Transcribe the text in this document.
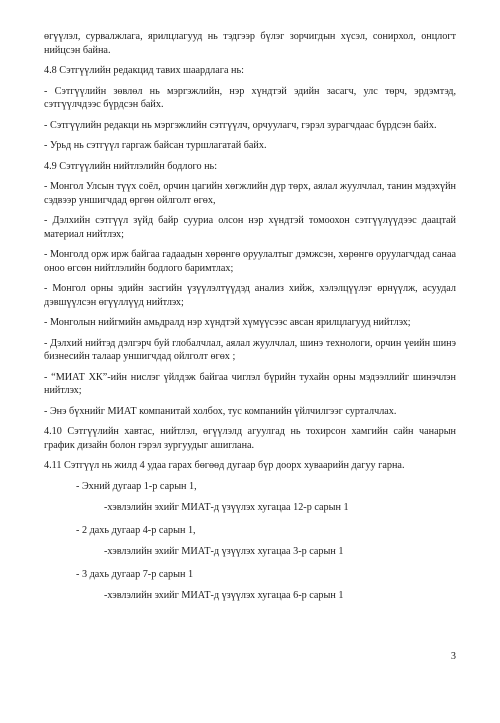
өгүүлэл, сурвалжлага, ярилцлагууд нь тэдгээр бүлэг зорчигдын хүсэл, сонирхол, онцлогт нийцсэн байна.

4.8 Сэтгүүлийн редакцид тавих шаардлага нь:

- Сэтгүүлийн зөвлөл нь мэргэжлийн, нэр хүндтэй эдийн засагч, улс төрч, эрдэмтэд, сэтгүүлчдээс бүрдсэн байх.

- Сэтгүүлийн редакци нь мэргэжлийн сэтгүүлч, орчуулагч, гэрэл зурагчдаас бүрдсэн байх.

- Урьд нь сэтгүүл гаргаж байсан туршлагатай байх.

4.9 Сэтгүүлийн нийтлэлийн бодлого нь:

- Монгол Улсын түүх соёл, орчин цагийн хөгжлийн дүр төрх, аялал жуулчлал, танин мэдэхүйн сэдвээр уншигчдад өргөн ойлголт өгөх,

- Дэлхийн сэтгүүл зүйд байр сууриа олсон нэр хүндтэй томоохон сэтгүүлүүдээс даацтай материал нийтлэх;

- Монголд орж ирж байгаа гадаадын хөрөнгө оруулалтыг дэмжсэн, хөрөнгө оруулагчдад санаа оноо өгсөн нийтлэлийн бодлого баримтлах;

- Монгол орны эдийн засгийн үзүүлэлтүүдэд анализ хийж, хэлэлцүүлэг өрнүүлж, асуудал дэвшүүлсэн өгүүллүүд нийтлэх;

- Монголын нийгмийн амьдралд нэр хүндтэй хүмүүсээс авсан ярилцлагууд нийтлэх;

- Дэлхий нийтэд дэлгэрч буй глобалчлал, аялал жуулчлал, шинэ технологи, орчин үеийн шинэ бизнесийн талаар уншигчдад ойлголт өгөх ;

- “МИАТ ХК”-ийн нислэг үйлдэж байгаа чиглэл бүрийн тухайн орны мэдээллийг шинэчлэн нийтлэх;

- Энэ бүхнийг МИАТ компанитай холбох, тус компанийн үйлчилгээг сурталчлах.

4.10 Сэтгүүлийн хавтас, нийтлэл, өгүүлэлд агуулгад нь тохирсон хамгийн сайн чанарын график дизайн болон гэрэл зургуудыг ашиглана.

4.11 Сэтгүүл нь жилд 4 удаа гарах бөгөөд дугаар бүр доорх хуваарийн дагуу гарна.

- Эхний дугаар 1-р сарын 1,
-хэвлэлийн эхийг МИАТ-д үзүүлэх хугацаа 12-р сарын 1
- 2 дахь дугаар 4-р сарын 1,
-хэвлэлийн эхийг МИАТ-д үзүүлэх хугацаа 3-р сарын 1
- 3 дахь дугаар 7-р сарын 1
-хэвлэлийн эхийг МИАТ-д үзүүлэх хугацаа 6-р сарын 1
3
